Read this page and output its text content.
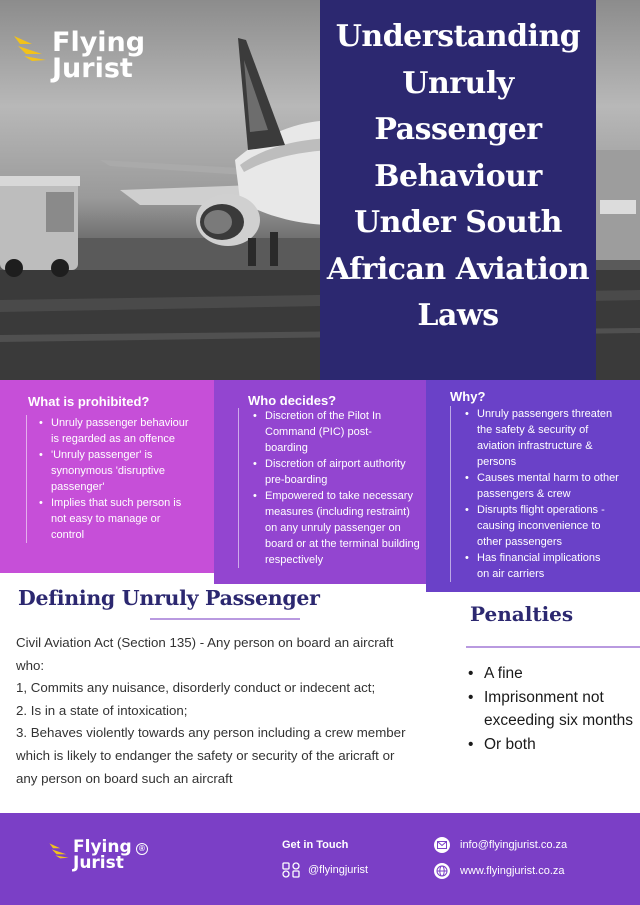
Flying
Jurist
Understanding Unruly Passenger Behaviour Under South African Aviation Laws
What is prohibited?
• Unruly passenger behaviour is regarded as an offence
• 'Unruly passenger' is synonymous 'disruptive passenger'
• Implies that such person is not easy to manage or control
Who decides?
• Discretion of the Pilot In Command (PIC) post-boarding
• Discretion of airport authority pre-boarding
• Empowered to take necessary measures (including restraint) on any unruly passenger on board or at the terminal building respectively
Why?
• Unruly passengers threaten the safety & security of aviation infrastructure & persons
• Causes mental harm to other passengers & crew
• Disrupts flight operations - causing inconvenience to other passengers
• Has financial implications on air carriers
Defining Unruly Passenger

Civil Aviation Act (Section 135) - Any person on board an aircraft who:

1, Commits any nuisance, disorderly conduct or indecent act;

2. Is in a state of intoxication;

3. Behaves violently towards any person including a crew member which is likely to endanger the safety or security of the aricraft or any person on board such an aircraft

Penalties
• A fine
• Imprisonment not exceeding six months
• Or both
Flying
Jurist
®	Get in Touch
@flyingjurist
info@flyingjurist.co.za
www.flyingjurist.co.za
